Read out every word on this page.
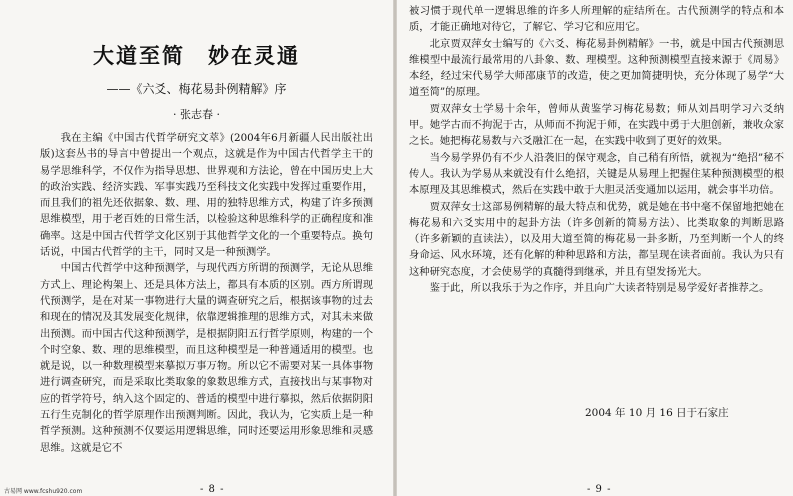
大道至简　妙在灵通
——《六爻、梅花易卦例精解》序
· 张志春 ·

我在主编《中国古代哲学研究文萃》(2004年6月新疆人民出版社出版)这套丛书的导言中曾提出一个观点，这就是作为中国古代哲学主干的易学思维科学，不仅作为指导思想、世界观和方法论，曾在中国历史上大的政治实践、经济实践、军事实践乃至科技文化实践中发挥过重要作用，而且我们的祖先还依据象、数、理、用的独特思维方式，构建了许多预测思维模型，用于老百姓的日常生活，以检验这种思维科学的正确程度和准确率。这是中国古代哲学文化区别于其他哲学文化的一个重要特点。换句话说，中国古代哲学的主干，同时又是一种预测学。

中国古代哲学中这种预测学，与现代西方所谓的预测学，无论从思维方式上、理论构架上、还是具体方法上，都具有本质的区别。西方所谓现代预测学，是在对某一事物进行大量的调查研究之后，根据该事物的过去和现在的情况及其发展变化规律，依靠逻辑推理的思维方式，对其未来做出预测。而中国古代这种预测学，是根据阴阳五行哲学原则，构建的一个个时空象、数、理的思维模型，而且这种模型是一种普通适用的模型。也就是说，以一种数理模型来摹拟万事万物。所以它不需要对某一具体事物进行调查研究，而是采取比类取象的象数思维方式，直接找出与某事物对应的哲学符号，纳入这个固定的、普适的模型中进行摹拟，然后依据阴阳五行生克制化的哲学原理作出预测判断。因此，我认为，它实质上是一种哲学预测。这种预测不仅要运用逻辑思维，同时还要运用形象思维和灵感思维。这就是它不

- 8 -
古易网 www.fcshu920.com

被习惯于现代单一逻辑思维的许多人所理解的症结所在。古代预测学的特点和本质，才能正确地对待它，了解它、学习它和应用它。

北京贾双萍女士编写的《六爻、梅花易卦例精解》一书，就是中国古代预测思维模型中最流行最常用的八卦象、数、理模型。这种预测模型直接来源于《周易》本经，经过宋代易学大师邵康节的改造，使之更加简捷明快，充分体现了易学“大道至简”的原理。

贾双萍女士学易十余年，曾师从黄鉴学习梅花易数；师从刘昌明学习六爻纳甲。她学古而不拘泥于古，从师而不拘泥于师，在实践中勇于大胆创新，兼收众家之长。她把梅花易数与六爻融汇在一起，在实践中收到了更好的效果。

当今易学界仍有不少人沿袭旧的保守观念，自己稍有所悟，就视为“绝招”秘不传人。我认为学易从来就没有什么绝招，关键是从易理上把握住某种预测模型的根本原理及其思维模式，然后在实践中敢于大胆灵活变通加以运用，就会事半功倍。

贾双萍女士这部易例精解的最大特点和优势，就是她在书中毫不保留地把她在梅花易和六爻实用中的起卦方法（许多创新的简易方法）、比类取象的判断思路（许多新颖的直读法），以及用大道至简的梅花易一卦多断，乃至判断一个人的终身命运、风水环境，还有化解的种种思路和方法，都呈现在读者面前。我认为只有这种研究态度，才会使易学的真髓得到继承，并且有望发扬光大。

鉴于此，所以我乐于为之作序，并且向广大读者特别是易学爱好者推荐之。

2004 年 10 月 16 日于石家庄
- 9 -
